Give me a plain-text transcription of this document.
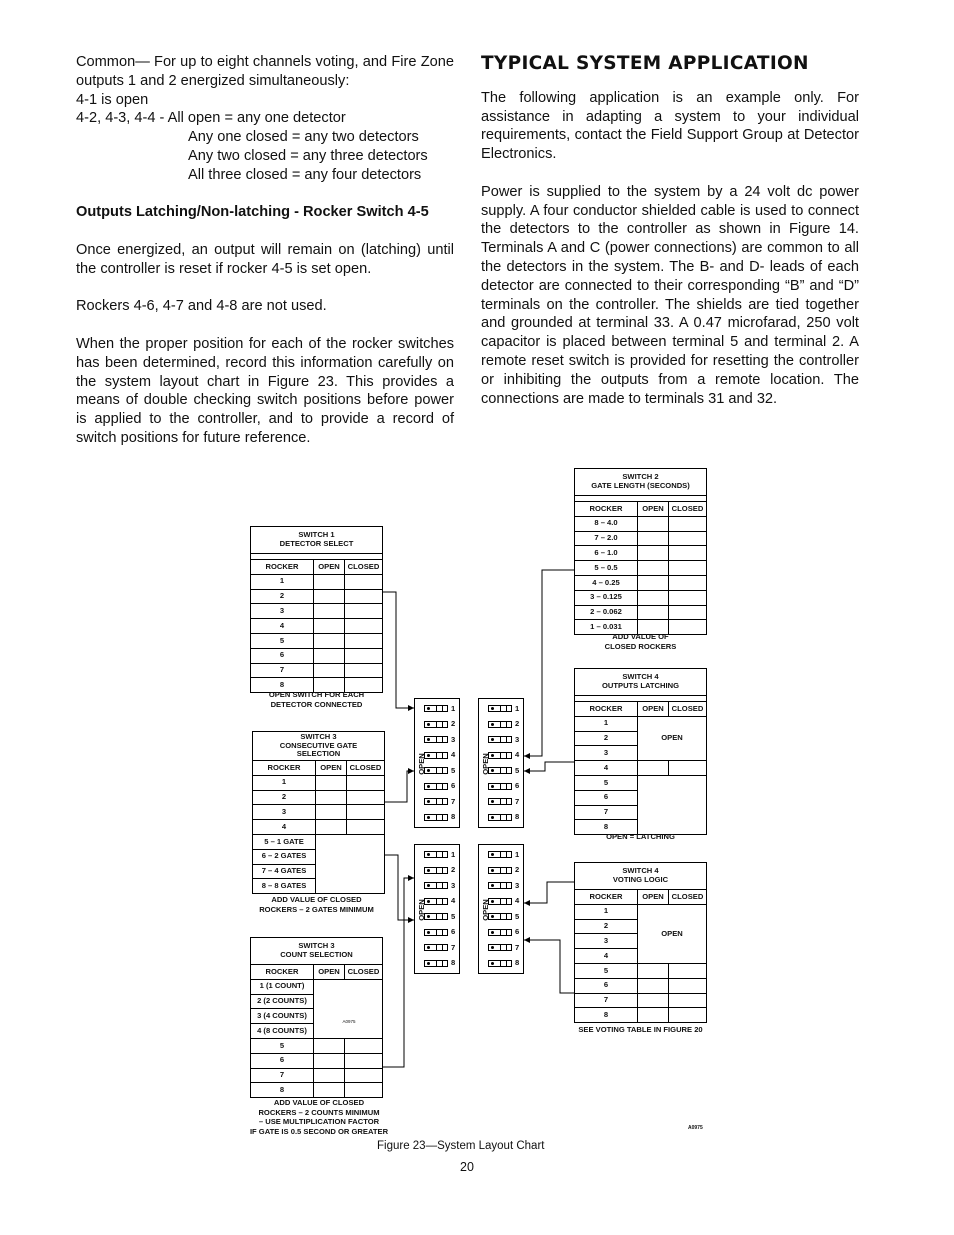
Common— For up to eight channels voting, and Fire Zone outputs 1 and 2 energized simultaneously:

4-1 is open

4-2, 4-3, 4-4 - All open = any one detector

Any one closed = any two detectors

Any two closed = any three detectors

All three closed = any four detectors

Outputs Latching/Non-latching - Rocker Switch 4-5

Once energized, an output will remain on (latching) until the controller is reset if rocker 4-5 is set open.

Rockers 4-6, 4-7 and 4-8 are not used.

When the proper position for each of the rocker switches has been determined, record this information carefully on the system layout chart in Figure 23. This provides a means of double checking switch positions before power is applied to the controller, and to provide a record of switch positions for future reference.

TYPICAL SYSTEM APPLICATION

The following application is an example only. For assistance in adapting a system to your individual requirements, contact the Field Support Group at Detector Electronics.

Power is supplied to the system by a 24 volt dc power supply. A four conductor shielded cable is used to connect the detectors to the controller as shown in Figure 14. Terminals A and C (power connections) are common to all the detectors in the system. The B- and D- leads of each detector are connected to their corresponding “B” and “D” terminals on the controller. The shields are tied together and grounded at terminal 33. A 0.47 microfarad, 250 volt capacitor is placed between terminal 5 and terminal 2. A remote reset switch is provided for resetting the controller or inhibiting the outputs from a remote location. The connections are made to terminals 31 and 32.

SWITCH 1
DETECTOR SELECT		

ROCKER	OPEN	CLOSED
1		
2		
3		
4		
5		
6		
7		
8		
OPEN SWITCH FOR EACH
DETECTOR CONNECTED
SWITCH 2
GATE LENGTH (SECONDS)		

ROCKER	OPEN	CLOSED
8 – 4.0		
7 – 2.0		
6 – 1.0		
5 – 0.5		
4 – 0.25		
3 – 0.125		
2 – 0.062		
1 – 0.031		
ADD VALUE OF
CLOSED ROCKERS
SWITCH 3
CONSECUTIVE GATE
SELECTION		

ROCKER	OPEN	CLOSED
1		
2		
3		
4		
5 – 1 GATE		
6 – 2 GATES		
7 – 4 GATES		
8 – 8 GATES		
ADD VALUE OF CLOSED
ROCKERS – 2 GATES MINIMUM
SWITCH 3
COUNT SELECTION		

ROCKER	OPEN	CLOSED
1 (1 COUNT)	A0975	
2 (2 COUNTS)		
3 (4 COUNTS)		
4 (8 COUNTS)		
5		
6		
7		
8		
ADD VALUE OF CLOSED
ROCKERS – 2 COUNTS MINIMUM
– USE MULTIPLICATION FACTOR
IF GATE IS 0.5 SECOND OR GREATER
SWITCH 4
OUTPUTS LATCHING		

ROCKER	OPEN	CLOSED
1	OPEN	
2		
3		
4		
5		
6		
7		
8		
OPEN = LATCHING
SWITCH 4
VOTING LOGIC		

ROCKER	OPEN	CLOSED
1	OPEN	
2		
3		
4		
5		
6		
7		
8		
SEE VOTING TABLE IN FIGURE 20
OPEN
1
2
3
4
5
6
7
8
OPEN
1
2
3
4
5
6
7
8
OPEN
1
2
3
4
5
6
7
8
OPEN
1
2
3
4
5
6
7
8
A0975
Figure 23—System Layout Chart
20
